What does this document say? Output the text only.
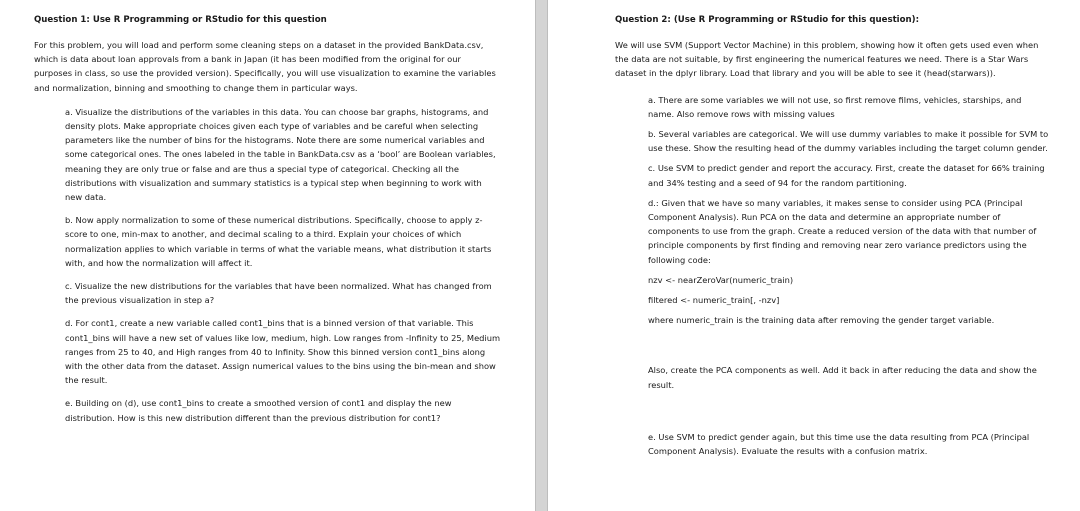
Question 1: Use R Programming or RStudio for this question

For this problem, you will load and perform some cleaning steps on a dataset in the provided BankData.csv, which is data about loan approvals from a bank in Japan (it has been modified from the original for our purposes in class, so use the provided version). Specifically, you will use visualization to examine the variables and normalization, binning and smoothing to change them in particular ways.

a. Visualize the distributions of the variables in this data. You can choose bar graphs, histograms, and density plots. Make appropriate choices given each type of variables and be careful when selecting parameters like the number of bins for the histograms. Note there are some numerical variables and some categorical ones. The ones labeled in the table in BankData.csv as a ‘bool’ are Boolean variables, meaning they are only true or false and are thus a special type of categorical. Checking all the distributions with visualization and summary statistics is a typical step when beginning to work with new data.

b. Now apply normalization to some of these numerical distributions. Specifically, choose to apply z-score to one, min-max to another, and decimal scaling to a third. Explain your choices of which normalization applies to which variable in terms of what the variable means, what distribution it starts with, and how the normalization will affect it.

c. Visualize the new distributions for the variables that have been normalized. What has changed from the previous visualization in step a?

d. For cont1, create a new variable called cont1_bins that is a binned version of that variable. This cont1_bins will have a new set of values like low, medium, high. Low ranges from -Infinity to 25, Medium ranges from 25 to 40, and High ranges from 40 to Infinity. Show this binned version cont1_bins along with the other data from the dataset. Assign numerical values to the bins using the bin-mean and show the result.

e. Building on (d), use cont1_bins to create a smoothed version of cont1 and display the new distribution. How is this new distribution different than the previous distribution for cont1?

Question 2: (Use R Programming or RStudio for this question):

We will use SVM (Support Vector Machine) in this problem, showing how it often gets used even when the data are not suitable, by first engineering the numerical features we need. There is a Star Wars dataset in the dplyr library. Load that library and you will be able to see it (head(starwars)).

a. There are some variables we will not use, so first remove films, vehicles, starships, and name. Also remove rows with missing values

b. Several variables are categorical. We will use dummy variables to make it possible for SVM to use these. Show the resulting head of the dummy variables including the target column gender.

c. Use SVM to predict gender and report the accuracy. First, create the dataset for 66% training and 34% testing and a seed of 94 for the random partitioning.

d.: Given that we have so many variables, it makes sense to consider using PCA (Principal Component Analysis). Run PCA on the data and determine an appropriate number of components to use from the graph. Create a reduced version of the data with that number of principle components by first finding and removing near zero variance predictors using the following code:

nzv <- nearZeroVar(numeric_train)

filtered <- numeric_train[, -nzv]

where numeric_train is the training data after removing the gender target variable.

Also, create the PCA components as well. Add it back in after reducing the data and show the result.

e. Use SVM to predict gender again, but this time use the data resulting from PCA (Principal Component Analysis). Evaluate the results with a confusion matrix.
